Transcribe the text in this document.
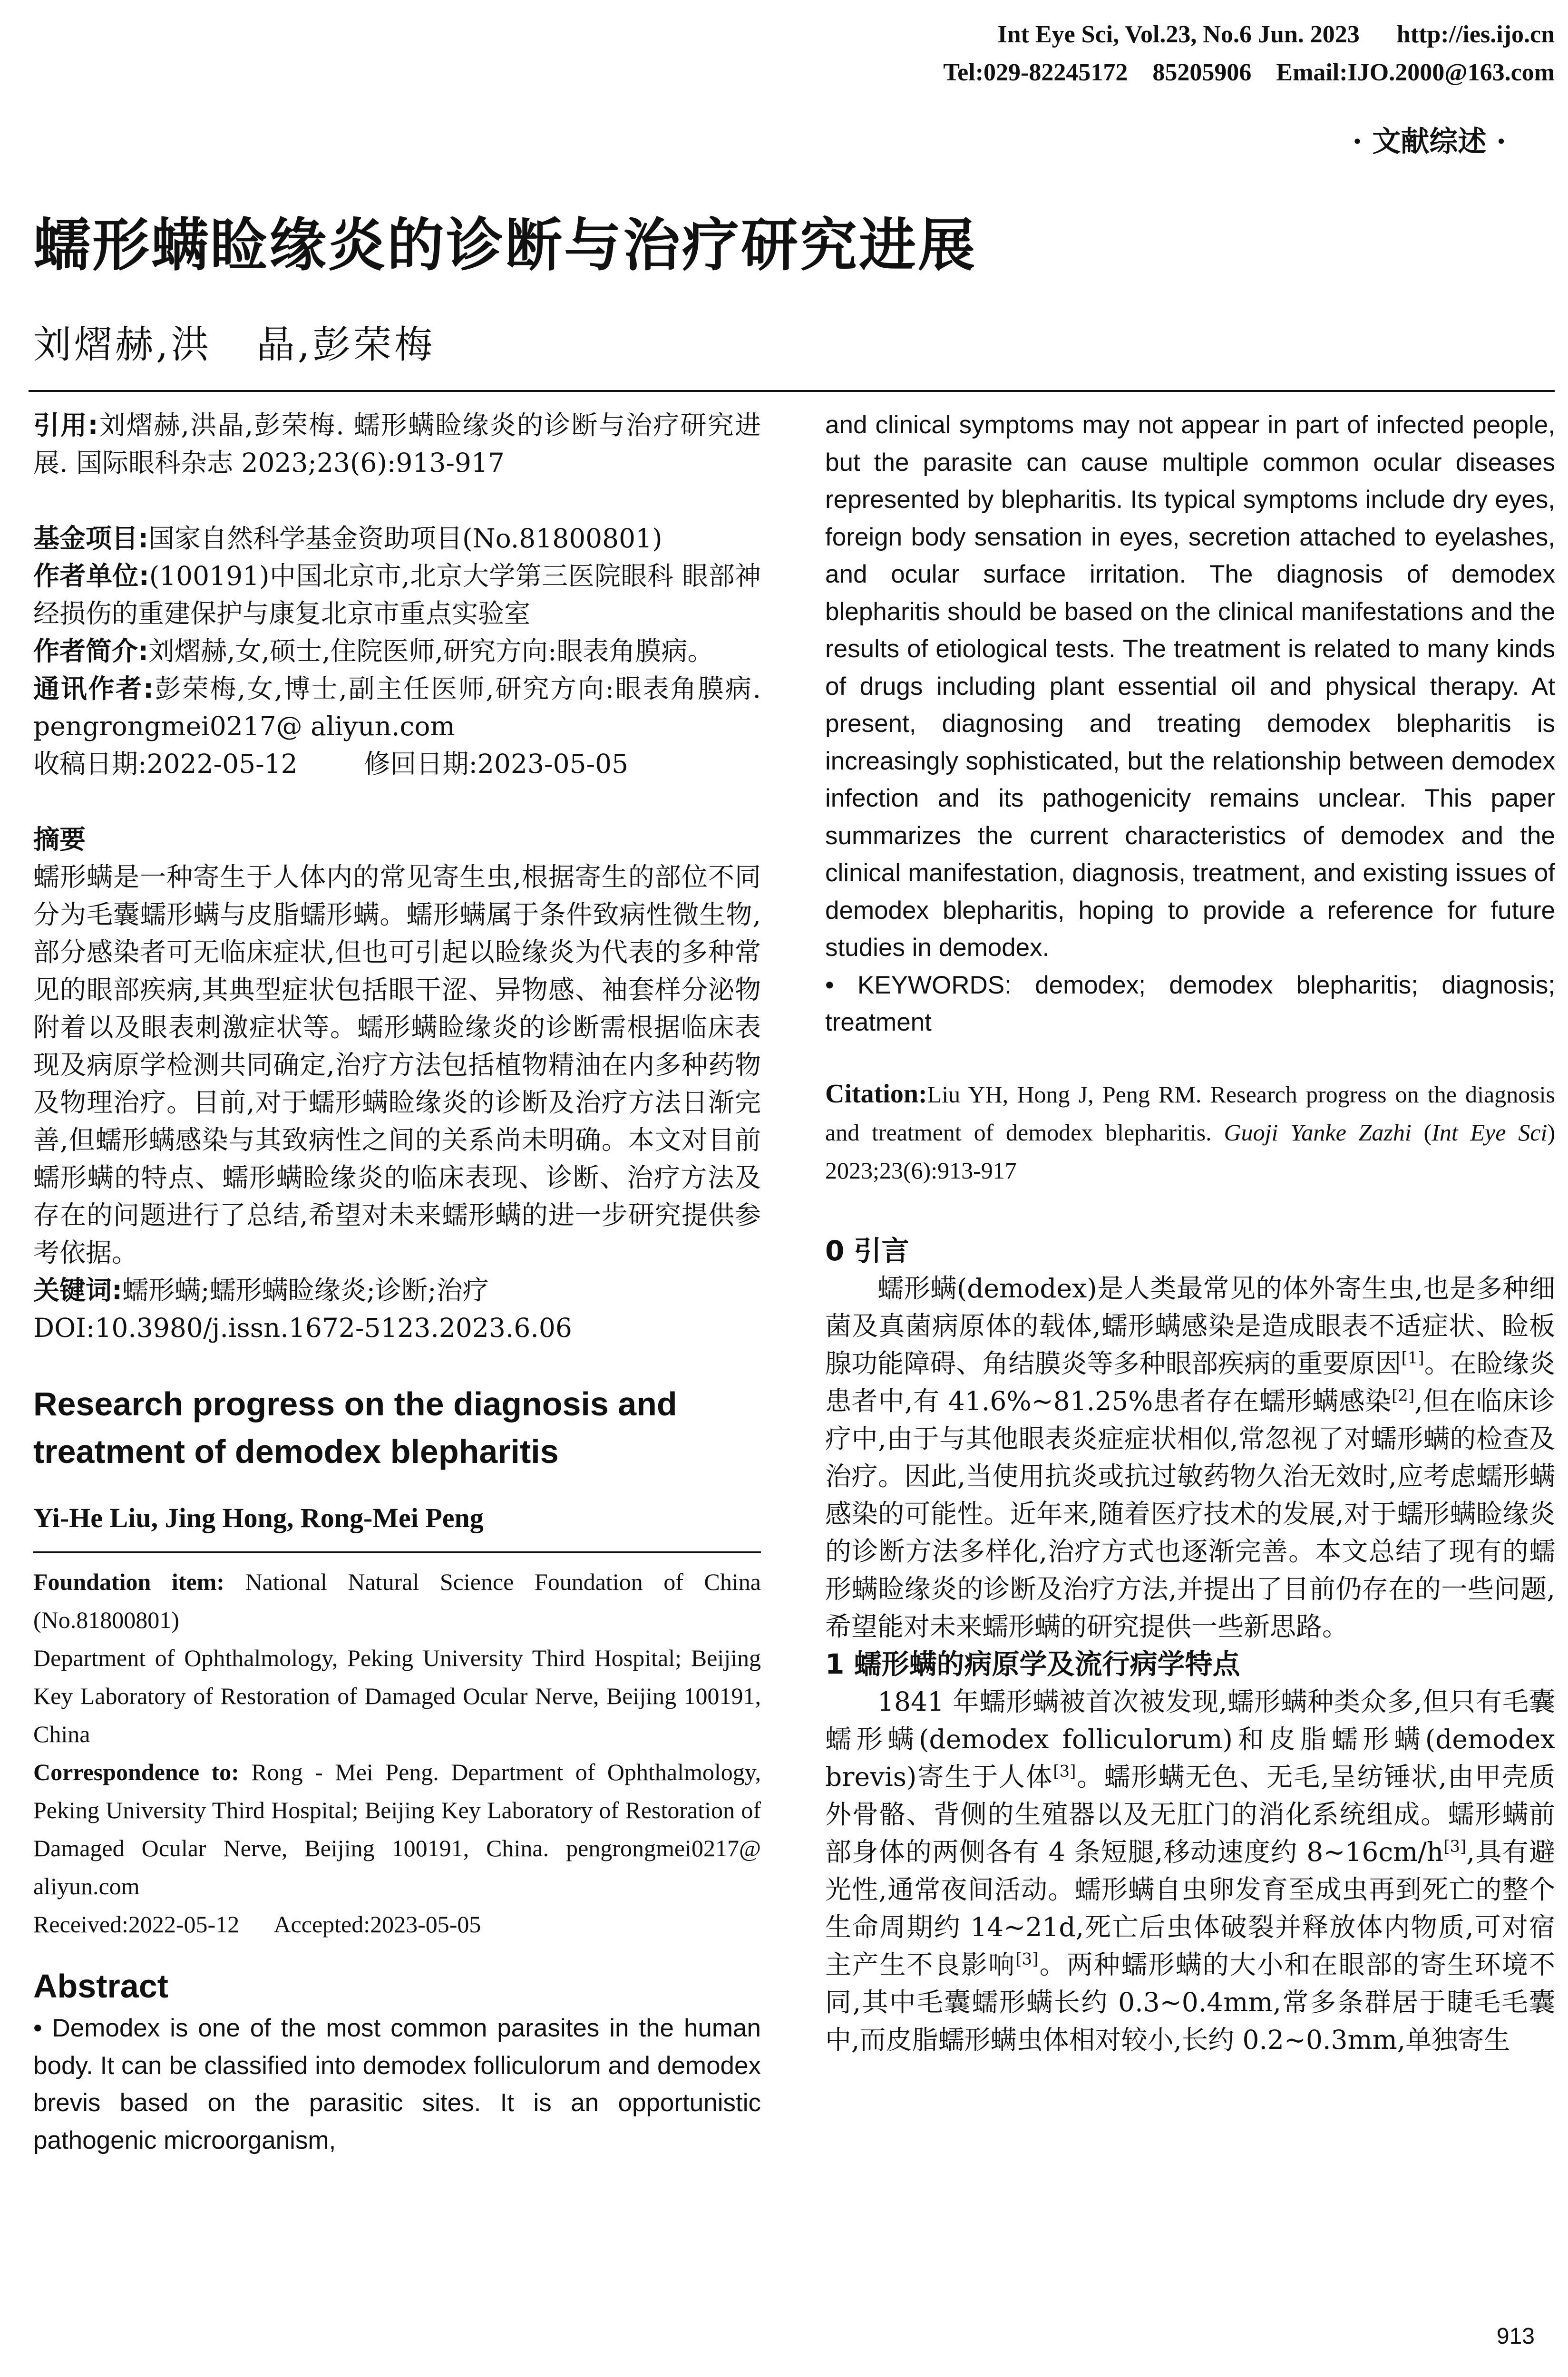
Int Eye Sci, Vol.23, No.6 Jun. 2023      http://ies.ijo.cn
Tel:029-82245172    85205906    Email:IJO.2000@163.com
· 文献综述 ·
蠕形螨睑缘炎的诊断与治疗研究进展
刘熠赫,洪   晶,彭荣梅

引用:刘熠赫,洪晶,彭荣梅. 蠕形螨睑缘炎的诊断与治疗研究进展. 国际眼科杂志 2023;23(6):913-917

基金项目:国家自然科学基金资助项目(No.81800801)

作者单位:(100191)中国北京市,北京大学第三医院眼科 眼部神经损伤的重建保护与康复北京市重点实验室

作者简介:刘熠赫,女,硕士,住院医师,研究方向:眼表角膜病。

通讯作者:彭荣梅,女,博士,副主任医师,研究方向:眼表角膜病. pengrongmei0217@ aliyun.com

收稿日期:2022-05-12        修回日期:2023-05-05

摘要

蠕形螨是一种寄生于人体内的常见寄生虫,根据寄生的部位不同分为毛囊蠕形螨与皮脂蠕形螨。蠕形螨属于条件致病性微生物,部分感染者可无临床症状,但也可引起以睑缘炎为代表的多种常见的眼部疾病,其典型症状包括眼干涩、异物感、袖套样分泌物附着以及眼表刺激症状等。蠕形螨睑缘炎的诊断需根据临床表现及病原学检测共同确定,治疗方法包括植物精油在内多种药物及物理治疗。目前,对于蠕形螨睑缘炎的诊断及治疗方法日渐完善,但蠕形螨感染与其致病性之间的关系尚未明确。本文对目前蠕形螨的特点、蠕形螨睑缘炎的临床表现、诊断、治疗方法及存在的问题进行了总结,希望对未来蠕形螨的进一步研究提供参考依据。

关键词:蠕形螨;蠕形螨睑缘炎;诊断;治疗

DOI:10.3980/j.issn.1672-5123.2023.6.06

Research progress on the diagnosis and treatment of demodex blepharitis

Yi-He Liu, Jing Hong, Rong-Mei Peng

Foundation item: National Natural Science Foundation of China (No.81800801)

Department of Ophthalmology, Peking University Third Hospital; Beijing Key Laboratory of Restoration of Damaged Ocular Nerve, Beijing 100191, China

Correspondence to: Rong - Mei Peng. Department of Ophthalmology, Peking University Third Hospital; Beijing Key Laboratory of Restoration of Damaged Ocular Nerve, Beijing 100191, China. pengrongmei0217@ aliyun.com

Received:2022-05-12      Accepted:2023-05-05

Abstract

• Demodex is one of the most common parasites in the human body. It can be classified into demodex folliculorum and demodex brevis based on the parasitic sites. It is an opportunistic pathogenic microorganism,

and clinical symptoms may not appear in part of infected people, but the parasite can cause multiple common ocular diseases represented by blepharitis. Its typical symptoms include dry eyes, foreign body sensation in eyes, secretion attached to eyelashes, and ocular surface irritation. The diagnosis of demodex blepharitis should be based on the clinical manifestations and the results of etiological tests. The treatment is related to many kinds of drugs including plant essential oil and physical therapy. At present, diagnosing and treating demodex blepharitis is increasingly sophisticated, but the relationship between demodex infection and its pathogenicity remains unclear. This paper summarizes the current characteristics of demodex and the clinical manifestation, diagnosis, treatment, and existing issues of demodex blepharitis, hoping to provide a reference for future studies in demodex.

• KEYWORDS: demodex; demodex blepharitis; diagnosis; treatment

Citation:Liu YH, Hong J, Peng RM. Research progress on the diagnosis and treatment of demodex blepharitis. Guoji Yanke Zazhi (Int Eye Sci) 2023;23(6):913-917

0 引言

蠕形螨(demodex)是人类最常见的体外寄生虫,也是多种细菌及真菌病原体的载体,蠕形螨感染是造成眼表不适症状、睑板腺功能障碍、角结膜炎等多种眼部疾病的重要原因[1]。在睑缘炎患者中,有 41.6%~81.25%患者存在蠕形螨感染[2],但在临床诊疗中,由于与其他眼表炎症症状相似,常忽视了对蠕形螨的检查及治疗。因此,当使用抗炎或抗过敏药物久治无效时,应考虑蠕形螨感染的可能性。近年来,随着医疗技术的发展,对于蠕形螨睑缘炎的诊断方法多样化,治疗方式也逐渐完善。本文总结了现有的蠕形螨睑缘炎的诊断及治疗方法,并提出了目前仍存在的一些问题,希望能对未来蠕形螨的研究提供一些新思路。

1 蠕形螨的病原学及流行病学特点

1841 年蠕形螨被首次被发现,蠕形螨种类众多,但只有毛囊蠕形螨(demodex folliculorum)和皮脂蠕形螨(demodex brevis)寄生于人体[3]。蠕形螨无色、无毛,呈纺锤状,由甲壳质外骨骼、背侧的生殖器以及无肛门的消化系统组成。蠕形螨前部身体的两侧各有 4 条短腿,移动速度约 8~16cm/h[3],具有避光性,通常夜间活动。蠕形螨自虫卵发育至成虫再到死亡的整个生命周期约 14~21d,死亡后虫体破裂并释放体内物质,可对宿主产生不良影响[3]。两种蠕形螨的大小和在眼部的寄生环境不同,其中毛囊蠕形螨长约 0.3~0.4mm,常多条群居于睫毛毛囊中,而皮脂蠕形螨虫体相对较小,长约 0.2~0.3mm,单独寄生

913
